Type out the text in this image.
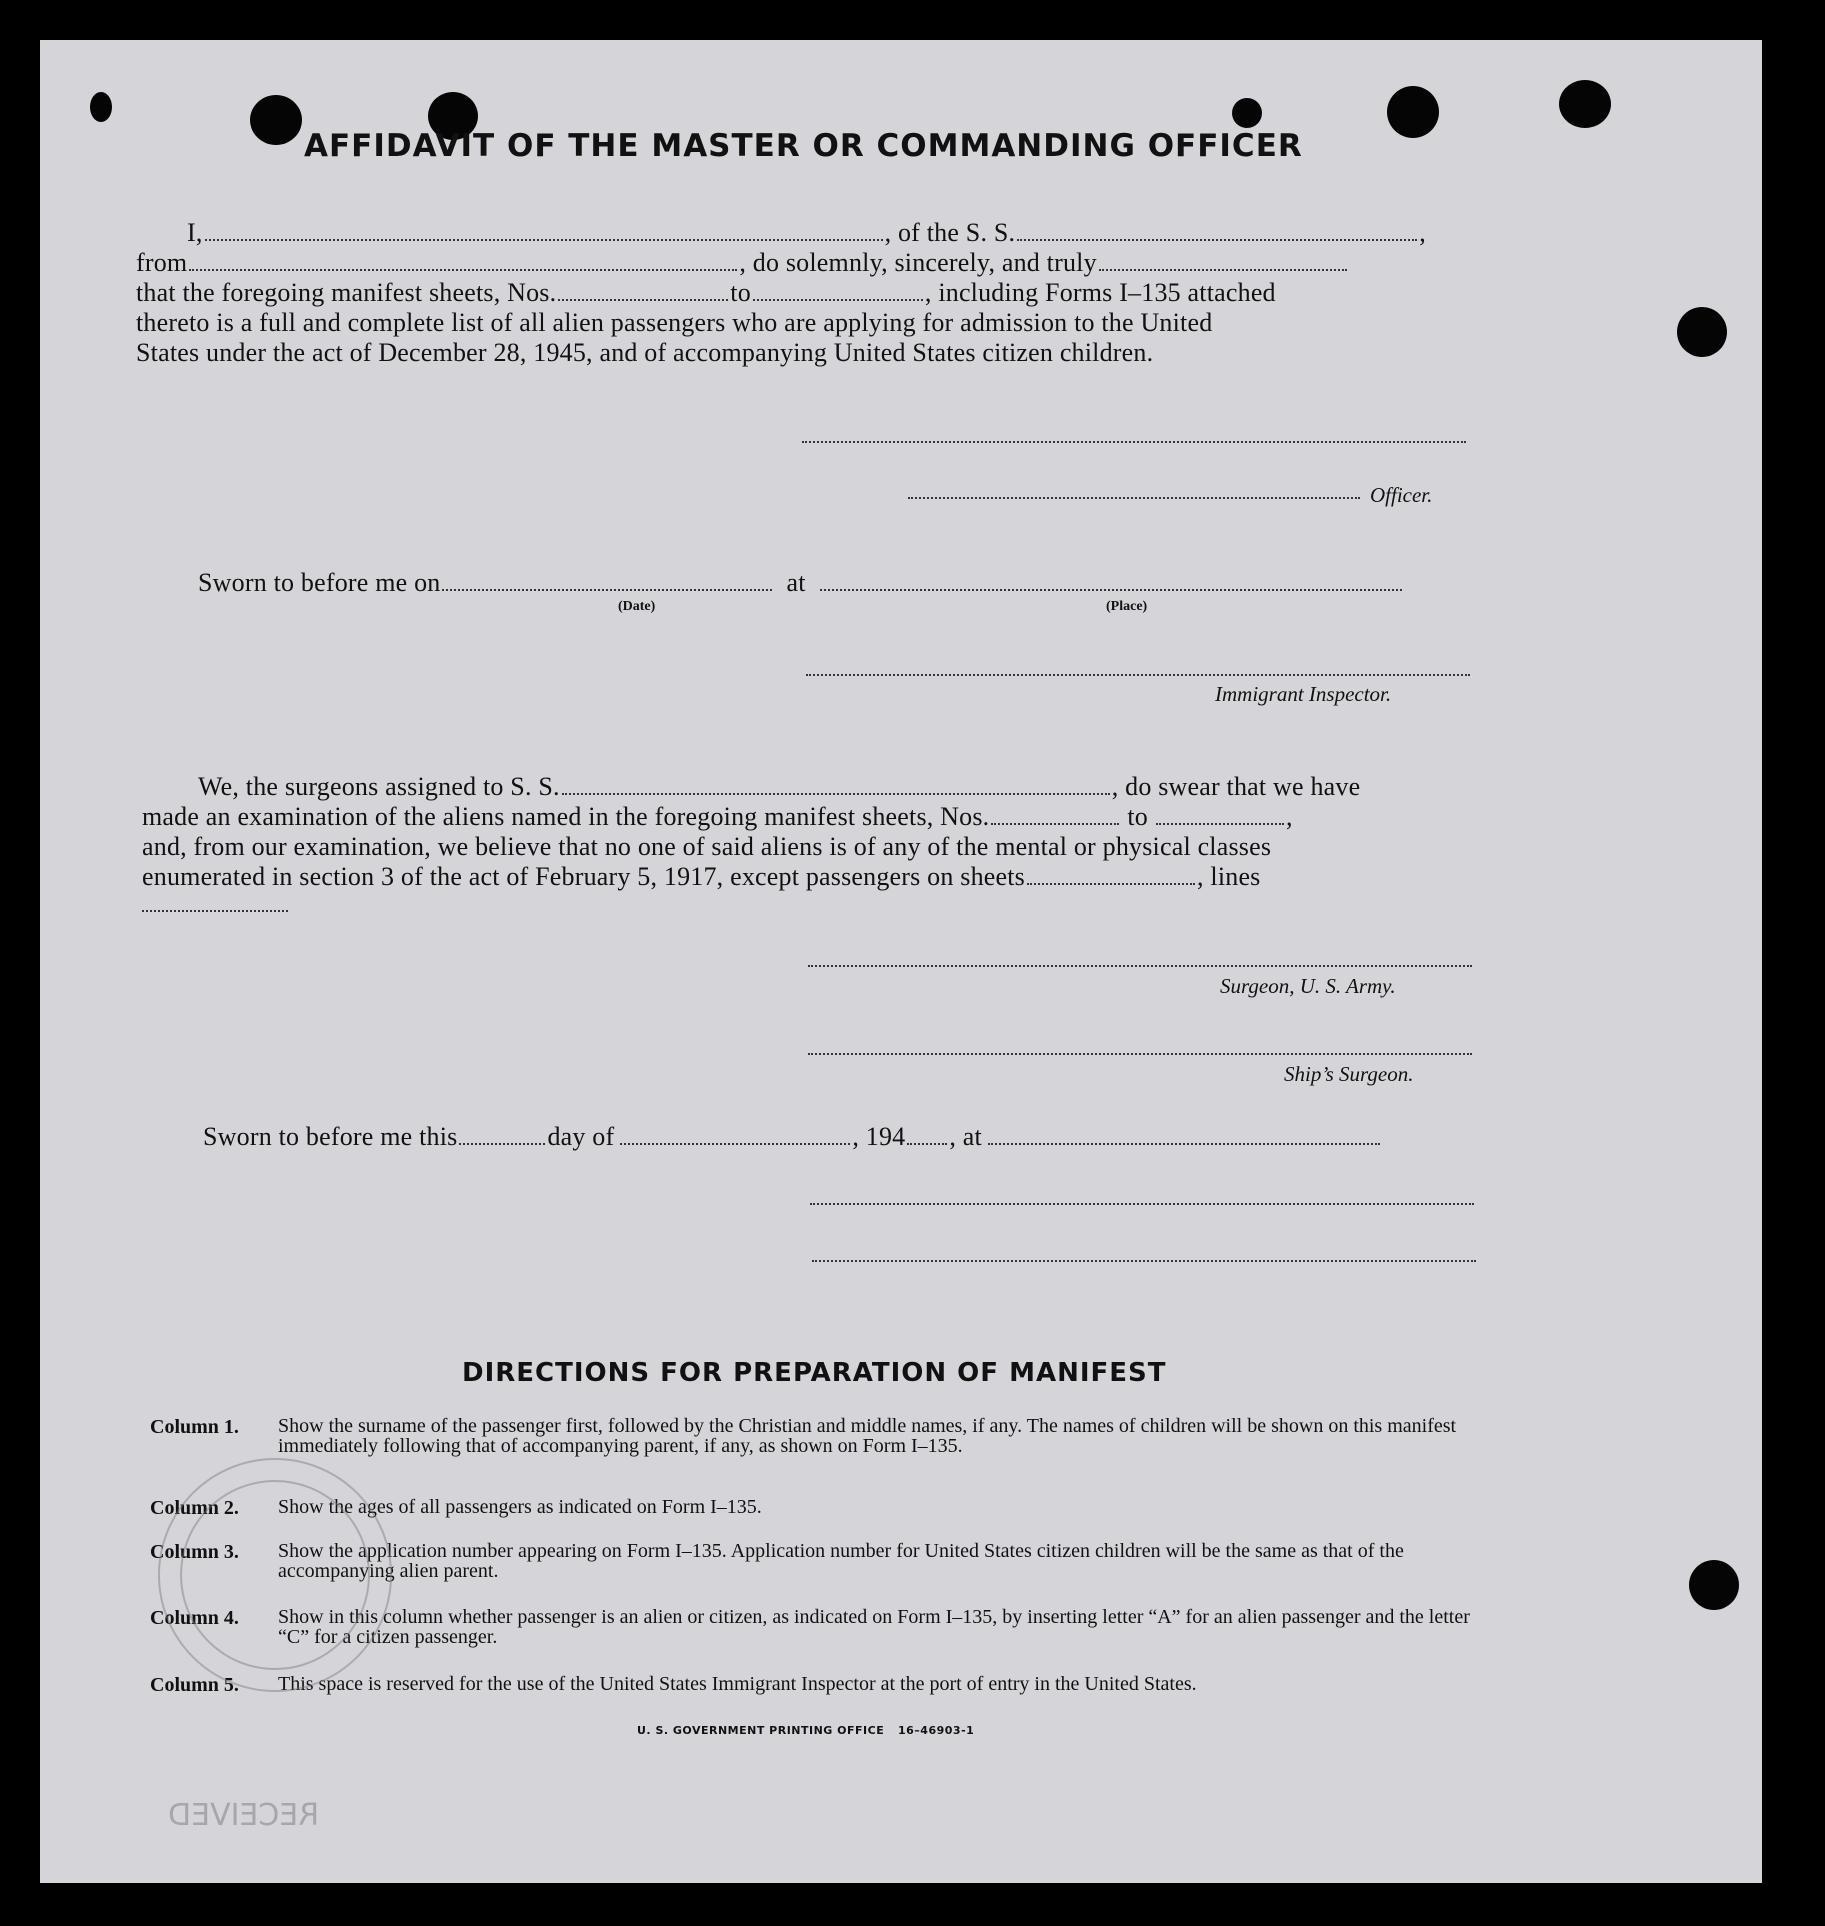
AFFIDAVIT OF THE MASTER OR COMMANDING OFFICER
I,	, of the S. S.	,
from	, do solemnly, sincerely, and truly
that the foregoing manifest sheets, Nos.	to	, including Forms I–135 attached
thereto is a full and complete list of all alien passengers who are applying for admission to the United
States under the act of December 28, 1945, and of accompanying United States citizen children.
Officer.
Sworn to before me on	at
(Date)	(Place)
Immigrant Inspector.
We, the surgeons assigned to S. S.	, do swear that we have
made an examination of the aliens named in the foregoing manifest sheets, Nos.	to	,
and, from our examination, we believe that no one of said aliens is of any of the mental or physical classes
enumerated in section 3 of the act of February 5, 1917, except passengers on sheets	, lines
Surgeon, U. S. Army.
Ship’s Surgeon.
Sworn to before me this	day of	, 194 , at
DIRECTIONS FOR PREPARATION OF MANIFEST
Column 1. Show the surname of the passenger first, followed by the Christian and middle names, if any. The names of children will be shown on this manifest immediately following that of accompanying parent, if any, as shown on Form I–135.
Column 2. Show the ages of all passengers as indicated on Form I–135.
Column 3. Show the application number appearing on Form I–135. Application number for United States citizen children will be the same as that of the accompanying alien parent.
Column 4. Show in this column whether passenger is an alien or citizen, as indicated on Form I–135, by inserting letter “A” for an alien passenger and the letter “C” for a citizen passenger.
Column 5. This space is reserved for the use of the United States Immigrant Inspector at the port of entry in the United States.
U. S. GOVERNMENT PRINTING OFFICE 16–46903-1
RECEIVED
